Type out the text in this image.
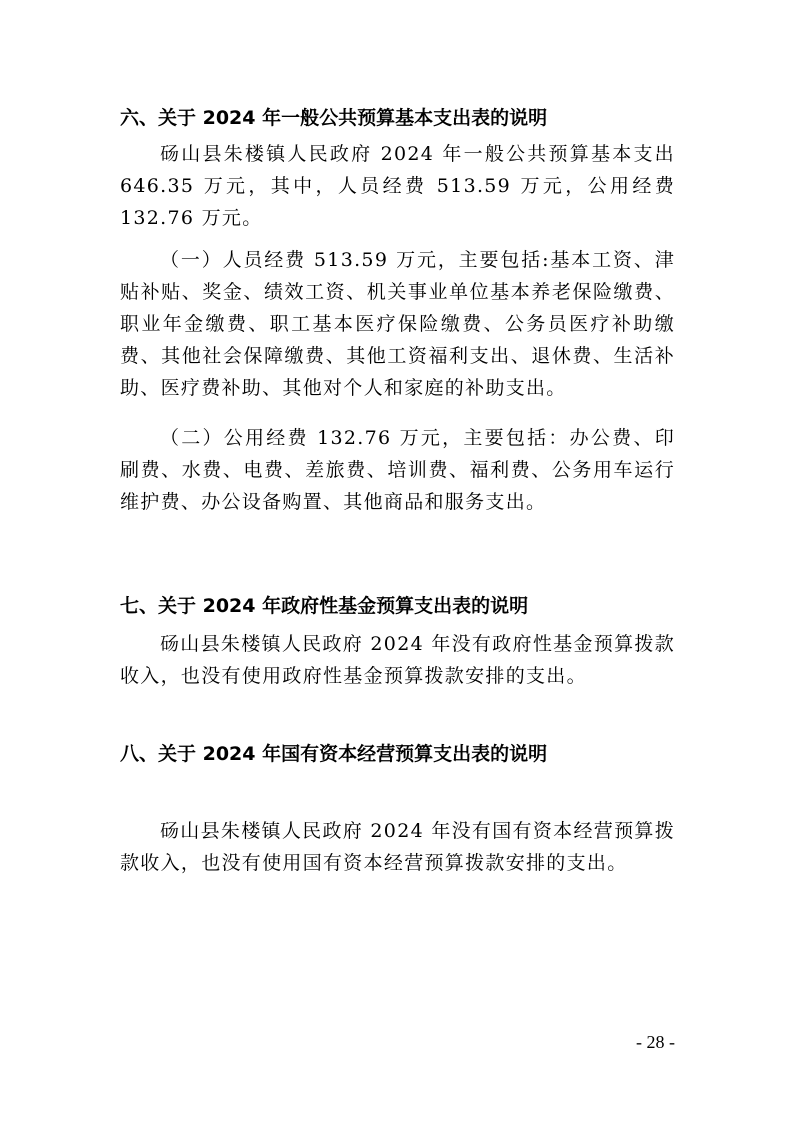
六、关于 2024 年一般公共预算基本支出表的说明
砀山县朱楼镇人民政府 2024 年一般公共预算基本支出 646.35 万元，其中，人员经费 513.59 万元，公用经费 132.76 万元。
（一）人员经费 513.59 万元，主要包括:基本工资、津贴补贴、奖金、绩效工资、机关事业单位基本养老保险缴费、职业年金缴费、职工基本医疗保险缴费、公务员医疗补助缴费、其他社会保障缴费、其他工资福利支出、退休费、生活补助、医疗费补助、其他对个人和家庭的补助支出。
（二）公用经费 132.76 万元，主要包括：办公费、印刷费、水费、电费、差旅费、培训费、福利费、公务用车运行维护费、办公设备购置、其他商品和服务支出。
七、关于 2024 年政府性基金预算支出表的说明
砀山县朱楼镇人民政府 2024 年没有政府性基金预算拨款收入，也没有使用政府性基金预算拨款安排的支出。
八、关于 2024 年国有资本经营预算支出表的说明
砀山县朱楼镇人民政府 2024 年没有国有资本经营预算拨款收入，也没有使用国有资本经营预算拨款安排的支出。
- 28 -
